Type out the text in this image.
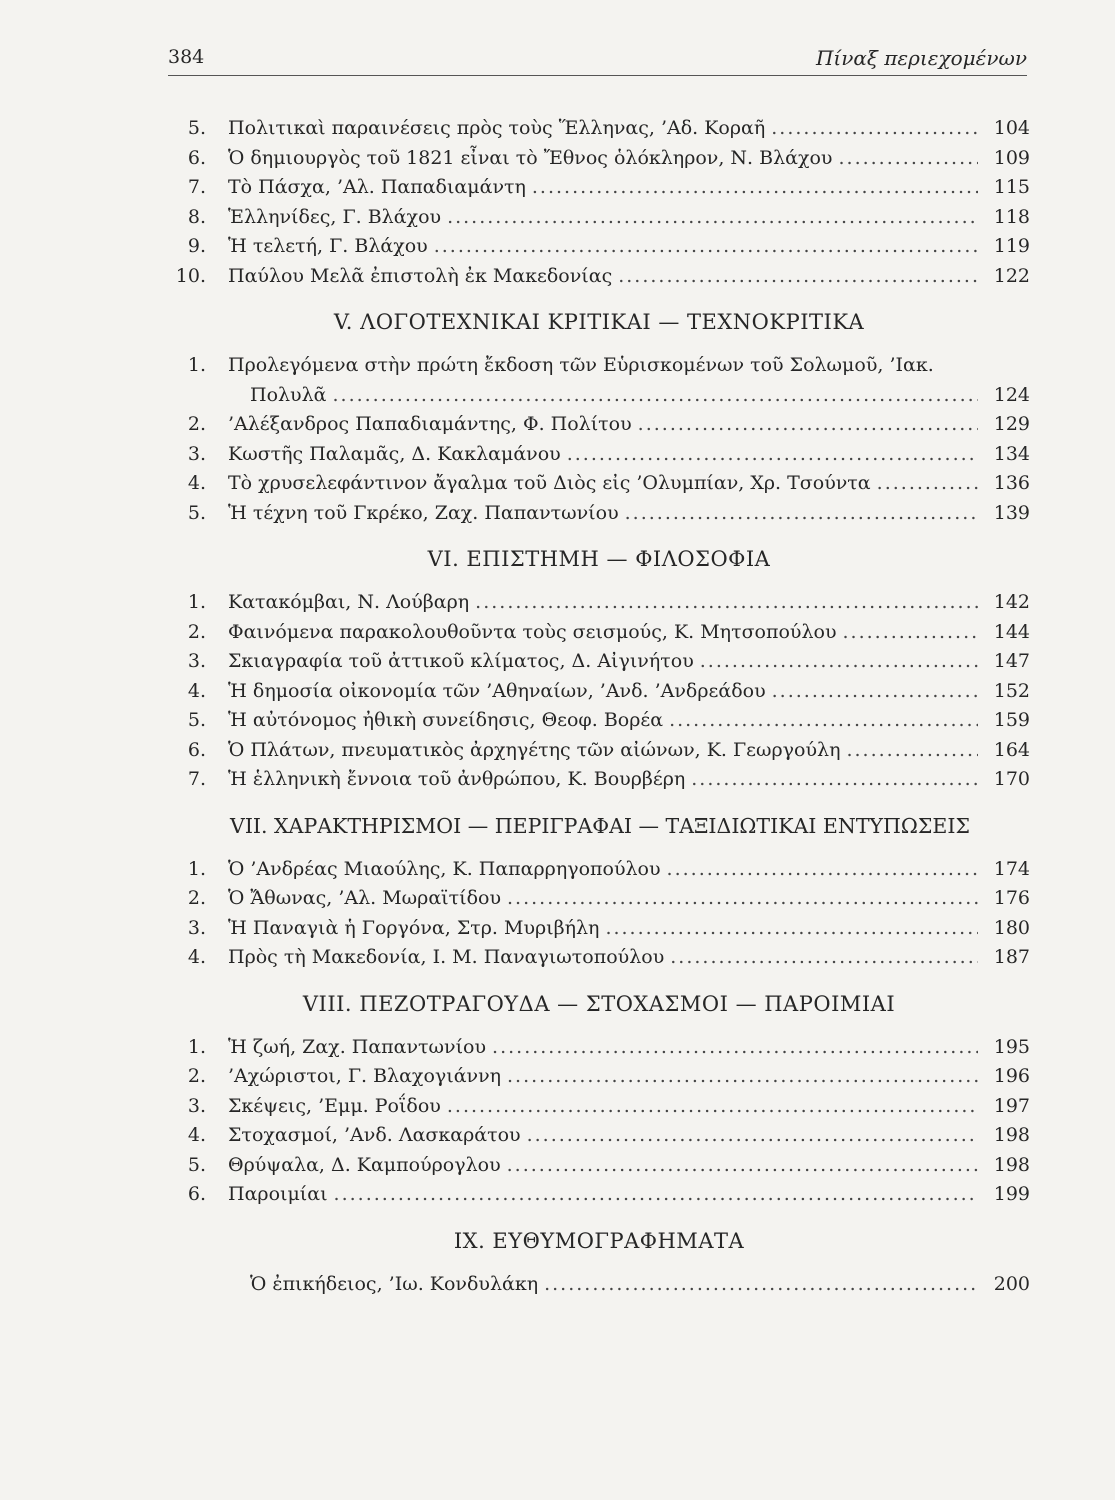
384	Πίναξ περιεχομένων
5. Πολιτικαὶ παραινέσεις πρὸς τοὺς Ἕλληνας, ’Αδ. Κοραῆ .....	104
6. Ὁ δημιουργὸς τοῦ 1821 εἶναι τὸ Ἔθνος ὁλόκληρον, Ν. Βλάχου .....	109
7. Τὸ Πάσχα, ’Αλ. Παπαδιαμάντη .....	115
8. Ἑλληνίδες, Γ. Βλάχου .....	118
9. Ἡ τελετή, Γ. Βλάχου .....	119
10. Παύλου Μελᾶ ἐπιστολὴ ἐκ Μακεδονίας .....	122
V. ΛΟΓΟΤΕΧΝΙΚΑΙ ΚΡΙΤΙΚΑΙ — ΤΕΧΝΟΚΡΙΤΙΚΑ
1. Προλεγόμενα στὴν πρώτη ἔκδοση τῶν Εὑρισκομένων τοῦ Σολωμοῦ, ’Ιακ.
Πολυλᾶ .....	124
2. ’Αλέξανδρος Παπαδιαμάντης, Φ. Πολίτου .....	129
3. Κωστῆς Παλαμᾶς, Δ. Κακλαμάνου .....	134
4. Τὸ χρυσελεφάντινον ἄγαλμα τοῦ Διὸς εἰς ’Ολυμπίαν, Χρ. Τσούντα .....	136
5. Ἡ τέχνη τοῦ Γκρέκο, Ζαχ. Παπαντωνίου .....	139
VI. ΕΠΙΣΤΗΜΗ — ΦΙΛΟΣΟΦΙΑ
1. Κατακόμβαι, Ν. Λούβαρη .....	142
2. Φαινόμενα παρακολουθοῦντα τοὺς σεισμούς, Κ. Μητσοπούλου .....	144
3. Σκιαγραφία τοῦ ἀττικοῦ κλίματος, Δ. Αἰγινήτου .....	147
4. Ἡ δημοσία οἰκονομία τῶν ’Αθηναίων, ’Ανδ. ’Ανδρεάδου .....	152
5. Ἡ αὐτόνομος ἠθικὴ συνείδησις, Θεοφ. Βορέα .....	159
6. Ὁ Πλάτων, πνευματικὸς ἀρχηγέτης τῶν αἰώνων, Κ. Γεωργούλη .....	164
7. Ἡ ἑλληνικὴ ἔννοια τοῦ ἀνθρώπου, Κ. Βουρβέρη .....	170
VII. ΧΑΡΑΚΤΗΡΙΣΜΟΙ — ΠΕΡΙΓΡΑΦΑΙ — ΤΑΞΙΔΙΩΤΙΚΑΙ ΕΝΤΥΠΩΣΕΙΣ
1. Ὁ ’Ανδρέας Μιαούλης, Κ. Παπαρρηγοπούλου .....	174
2. Ὁ Ἄθωνας, ’Αλ. Μωραϊτίδου .....	176
3. Ἡ Παναγιὰ ἡ Γοργόνα, Στρ. Μυριβήλη .....	180
4. Πρὸς τὴ Μακεδονία, Ι. Μ. Παναγιωτοπούλου .....	187
VIII. ΠΕΖΟΤΡΑΓΟΥΔΑ — ΣΤΟΧΑΣΜΟΙ — ΠΑΡΟΙΜΙΑΙ
1. Ἡ ζωή, Ζαχ. Παπαντωνίου .....	195
2. ’Αχώριστοι, Γ. Βλαχογιάννη .....	196
3. Σκέψεις, ’Εμμ. Ροΐδου .....	197
4. Στοχασμοί, ’Ανδ. Λασκαράτου .....	198
5. Θρύψαλα, Δ. Καμπούρογλου .....	198
6. Παροιμίαι .....	199
IX. ΕΥΘΥΜΟΓΡΑΦΗΜΑΤΑ
Ὁ ἐπικήδειος, ’Ιω. Κονδυλάκη .....	200
